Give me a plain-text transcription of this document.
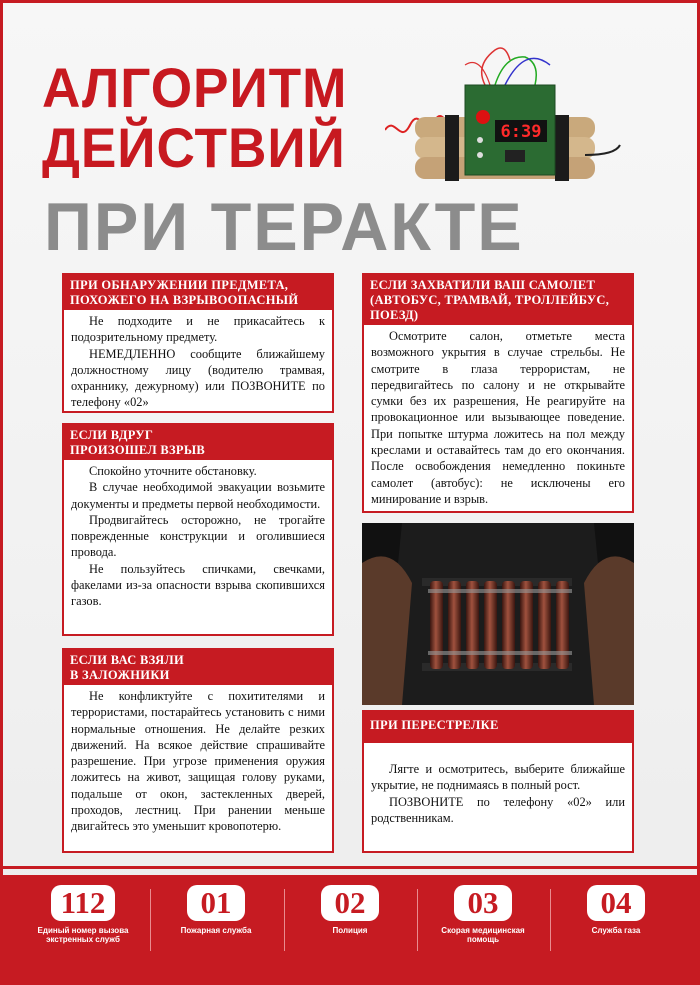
АЛГОРИТМ
ДЕЙСТВИЙ
ПРИ ТЕРАКТЕ
6:39
ПРИ ОБНАРУЖЕНИИ ПРЕДМЕТА,
ПОХОЖЕГО НА ВЗРЫВООПАСНЫЙ

Не подходите и не прикасайтесь к подозрительному предмету.

НЕМЕДЛЕННО сообщите ближайшему должностному лицу (водителю трамвая, охраннику, дежурному) или ПОЗВОНИТЕ по телефону «02»

ЕСЛИ ВДРУГ
ПРОИЗОШЕЛ ВЗРЫВ

Спокойно уточните обстановку.

В случае необходимой эвакуации возьмите документы и предметы первой необходимости.

Продвигайтесь осторожно, не трогайте поврежденные конструкции и оголившиеся провода.

Не пользуйтесь спичками, свечками, факелами из-за опасности взрыва скопившихся газов.

ЕСЛИ ВАС ВЗЯЛИ
В ЗАЛОЖНИКИ

Не конфликтуйте с похитителями и террористами, постарайтесь установить с ними нормальные отношения. Не делайте резких движений. На всякое действие спрашивайте разрешение. При угрозе применения оружия ложитесь на живот, защищая голову руками, подальше от окон, застекленных дверей, проходов, лестниц. При ранении меньше двигайтесь это уменьшит кровопотерю.

ЕСЛИ ЗАХВАТИЛИ ВАШ САМОЛЕТ
(АВТОБУС, ТРАМВАЙ, ТРОЛЛЕЙБУС,
ПОЕЗД)

Осмотрите салон, отметьте места возможного укрытия в случае стрельбы. Не смотрите в глаза террористам, не передвигайтесь по салону и не открывайте сумки без их разрешения, Не реагируйте на провокационное или вызывающее поведение. При попытке штурма ложитесь на пол между креслами и оставайтесь там до его окончания. После освобождения немедленно покиньте самолет (автобус): не исключены его минирование и взрыв.

ПРИ ПЕРЕСТРЕЛКЕ

Лягте и осмотритесь, выберите ближайше укрытие, не поднимаясь в полный рост.

ПОЗВОНИТЕ по телефону «02» или родственникам.

112
Единый номер вызова
экстренных служб
01
Пожарная служба
02
Полиция
03
Скорая медицинская
помощь
04
Служба газа
